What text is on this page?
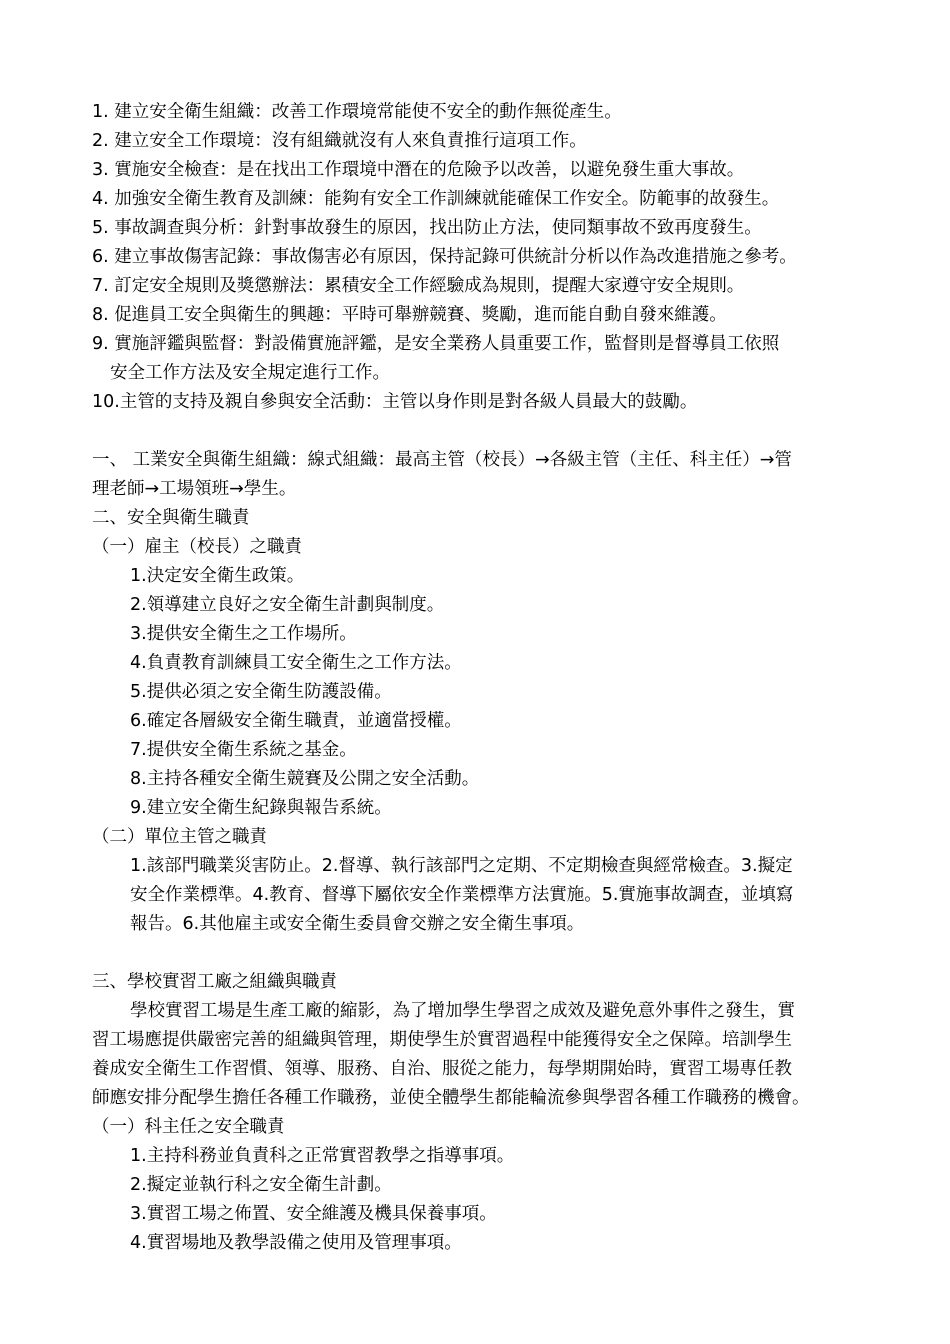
1. 建立安全衛生組織：改善工作環境常能使不安全的動作無從產生。
2. 建立安全工作環境：沒有組織就沒有人來負責推行這項工作。
3. 實施安全檢查：是在找出工作環境中潛在的危險予以改善，以避免發生重大事故。
4. 加強安全衛生教育及訓練：能夠有安全工作訓練就能確保工作安全。防範事的故發生。
5. 事故調查與分析：針對事故發生的原因，找出防止方法，使同類事故不致再度發生。
6. 建立事故傷害記錄：事故傷害必有原因，保持記錄可供統計分析以作為改進措施之參考。
7. 訂定安全規則及獎懲辦法：累積安全工作經驗成為規則，提醒大家遵守安全規則。
8. 促進員工安全與衛生的興趣：平時可舉辦競賽、獎勵，進而能自動自發來維護。
9. 實施評鑑與監督：對設備實施評鑑，是安全業務人員重要工作，監督則是督導員工依照
安全工作方法及安全規定進行工作。
10.主管的支持及親自參與安全活動：主管以身作則是對各級人員最大的鼓勵。
一、 工業安全與衛生組織：線式組織：最高主管（校長）→各級主管（主任、科主任）→管
理老師→工場領班→學生。
二、安全與衛生職責
（一）雇主（校長）之職責
1.決定安全衛生政策。
2.領導建立良好之安全衛生計劃與制度。
3.提供安全衛生之工作場所。
4.負責教育訓練員工安全衛生之工作方法。
5.提供必須之安全衛生防護設備。
6.確定各層級安全衛生職責，並適當授權。
7.提供安全衛生系統之基金。
8.主持各種安全衛生競賽及公開之安全活動。
9.建立安全衛生紀錄與報告系統。
（二）單位主管之職責
1.該部門職業災害防止。2.督導、執行該部門之定期、不定期檢查與經常檢查。3.擬定
安全作業標準。4.教育、督導下屬依安全作業標準方法實施。5.實施事故調查，並填寫
報告。6.其他雇主或安全衛生委員會交辦之安全衛生事項。
三、學校實習工廠之組織與職責
學校實習工場是生產工廠的縮影，為了增加學生學習之成效及避免意外事件之發生，實
習工場應提供嚴密完善的組織與管理，期使學生於實習過程中能獲得安全之保障。培訓學生
養成安全衛生工作習慣、領導、服務、自治、服從之能力，每學期開始時，實習工場專任教
師應安排分配學生擔任各種工作職務，並使全體學生都能輪流參與學習各種工作職務的機會。
（一）科主任之安全職責
1.主持科務並負責科之正常實習教學之指導事項。
2.擬定並執行科之安全衛生計劃。
3.實習工場之佈置、安全維護及機具保養事項。
4.實習場地及教學設備之使用及管理事項。
